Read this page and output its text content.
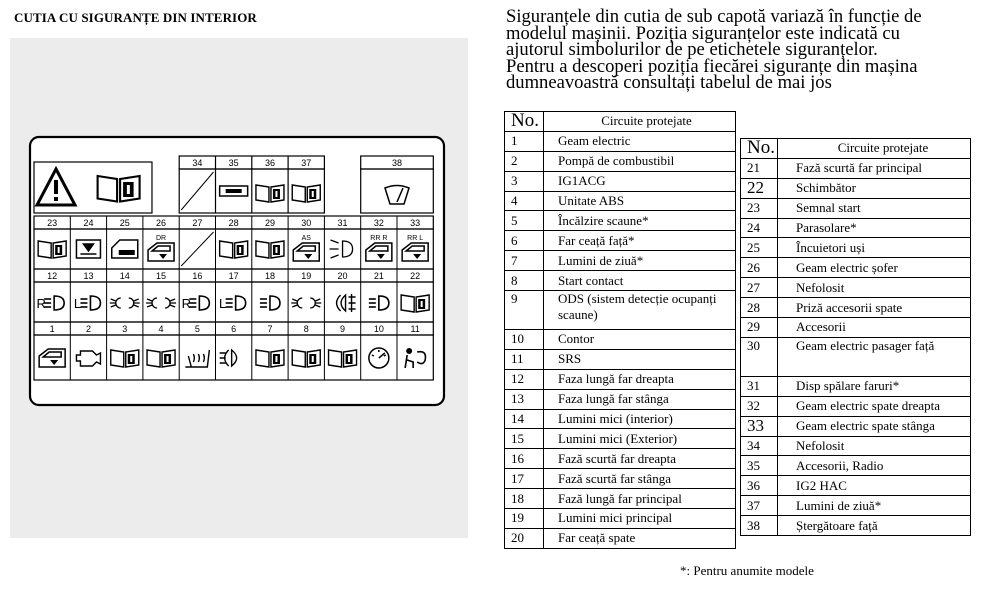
CUTIA CU SIGURANȚE DIN INTERIOR
34	35	36	37	38
23	24	25	26	27	28	29	30	31	32	33
12	13	14	15	16	17	18	19	20	21	22
1	2	3	4	5	6	7	8	9	10	11
DR	AS	RR R	RR L
R L	R L
Siguranțele din cutia de sub capotă variază în funcție de
modelul mașinii. Poziția siguranțelor este indicată cu
ajutorul simbolurilor de pe etichetele siguranțelor.
Pentru a descoperi poziția fiecărei siguranțe din mașina
dumneavoastră consultați tabelul de mai jos
No.	Circuite protejate
1	Geam electric
2	Pompă de combustibil
3	IG1ACG
4	Unitate ABS
5	Încălzire scaune*
6	Far ceață față*
7	Lumini de ziuă*
8	Start contact
9	ODS (sistem detecție ocupanți scaune)
10	Contor
11	SRS
12	Faza lungă far dreapta
13	Faza lungă far stânga
14	Lumini mici (interior)
15	Lumini mici (Exterior)
16	Fază scurtă far dreapta
17	Fază scurtă far stânga
18	Fază lungă far principal
19	Lumini mici principal
20	Far ceață spate
No.	Circuite protejate
21	Fază scurtă far principal
22	Schimbător
23	Semnal start
24	Parasolare*
25	Încuietori uși
26	Geam electric șofer
27	Nefolosit
28	Priză accesorii spate
29	Accesorii
30	Geam electric pasager față
31	Disp spălare faruri*
32	Geam electric spate dreapta
33	Geam electric spate stânga
34	Nefolosit
35	Accesorii, Radio
36	IG2 HAC
37	Lumini de ziuă*
38	Ștergătoare față
*: Pentru anumite modele
